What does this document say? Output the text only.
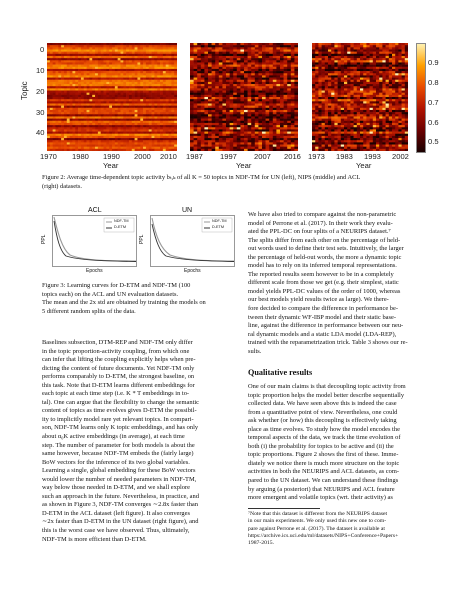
Topic
0
10
20
30
40
1970 1980 1990 2000 2010
Year
1987 1997 2007 2016
Year
1973 1983 1993 2002
Year
0.9
0.8
0.7
0.6
0.5
Figure 2: Average time-dependent topic activity bₜ,ₖ of all K = 50 topics in NDF-TM for UN (left), NIPS (middle) and ACL
(right) datasets.
ACL
NDF-TM
D-ETM
PPL
Epochs
UN
NDF-TM
D-ETM
PPL
Epochs
Figure 3: Learning curves for D-ETM and NDF-TM (100
topics each) on the ACL and UN evaluation datasets.
The mean and the 2x std are obtained by training the models on
5 different random splits of the data.
Baselines subsection, DTM-REP and NDF-TM only differ
in the topic proportion-activity coupling, from which one
can infer that lifting the coupling explicitly helps when pre-
dicting the content of future documents. Yet NDF-TM only
performs comparably to D-ETM, the strongest baseline, on
this task. Note that D-ETM learns different embeddings for
each topic at each time step (i.e. K * T embeddings in to-
tal). One can argue that the flexibility to change the semantic
content of topics as time evolves gives D-ETM the possibil-
ity to implicitly model rare yet relevant topics. In compari-
son, NDF-TM learns only K topic embeddings, and has only
about α₀K active embeddings (in average), at each time
step. The number of parameter for both models is about the
same however, because NDF-TM embeds the (fairly large)
BoW vectors for the inference of its two global variables.
Learning a single, global embedding for these BoW vectors
would lower the number of needed parameters in NDF-TM,
way below those needed in D-ETM, and we shall explore
such an approach in the future. Nevertheless, in practice, and
as shown in Figure 3, NDF-TM converges ∼2.8x faster than
D-ETM in the ACL dataset (left figure). It also converges
∼2x faster than D-ETM in the UN dataset (right figure), and
this is the worst case we have observed. Thus, ultimately,
NDF-TM is more efficient than D-ETM.
We have also tried to compare against the non-parametric
model of Perrone et al. (2017). In their work they evalu-
ated the PPL-DC on four splits of a NEURIPS dataset.⁷
The splits differ from each other on the percentage of held-
out words used to define their test sets. Intuitively, the larger
the percentage of held-out words, the more a dynamic topic
model has to rely on its inferred temporal representations.
The reported results seem however to be in a completely
different scale from those we get (e.g. their simplest, static
model yields PPL-DC values of the order of 1000, whereas
our best models yield results twice as large). We there-
fore decided to compare the difference in performance be-
tween their dynamic WF-IBP model and their static base-
line, against the difference in performance between our neu-
ral dynamic models and a static LDA model (LDA-REP),
trained with the reparametrization trick. Table 3 shows our re-
sults.
Qualitative results
One of our main claims is that decoupling topic activity from
topic proportion helps the model better describe sequentially
collected data. We have seen above this is indeed the case
from a quantitative point of view. Nevertheless, one could
ask whether (or how) this decoupling is effectively taking
place as time evolves. To study how the model encodes the
temporal aspects of the data, we track the time evolution of
both (i) the probability for topics to be active and (ii) the
topic proportions. Figure 2 shows the first of these. Imme-
diately we notice there is much more structure on the topic
activities in both the NEURIPS and ACL datasets, as com-
pared to the UN dataset. We can understand these findings
by arguing (a posteriori) that NEURIPS and ACL feature
more emergent and volatile topics (wrt. their activity) as
⁷Note that this dataset is different from the NEURIPS dataset
in our main experiments. We only used this new one to com-
pare against Perrone et al. (2017). The dataset is available at
https://archive.ics.uci.edu/ml/datasets/NIPS+Conference+Papers+
1987-2015.
